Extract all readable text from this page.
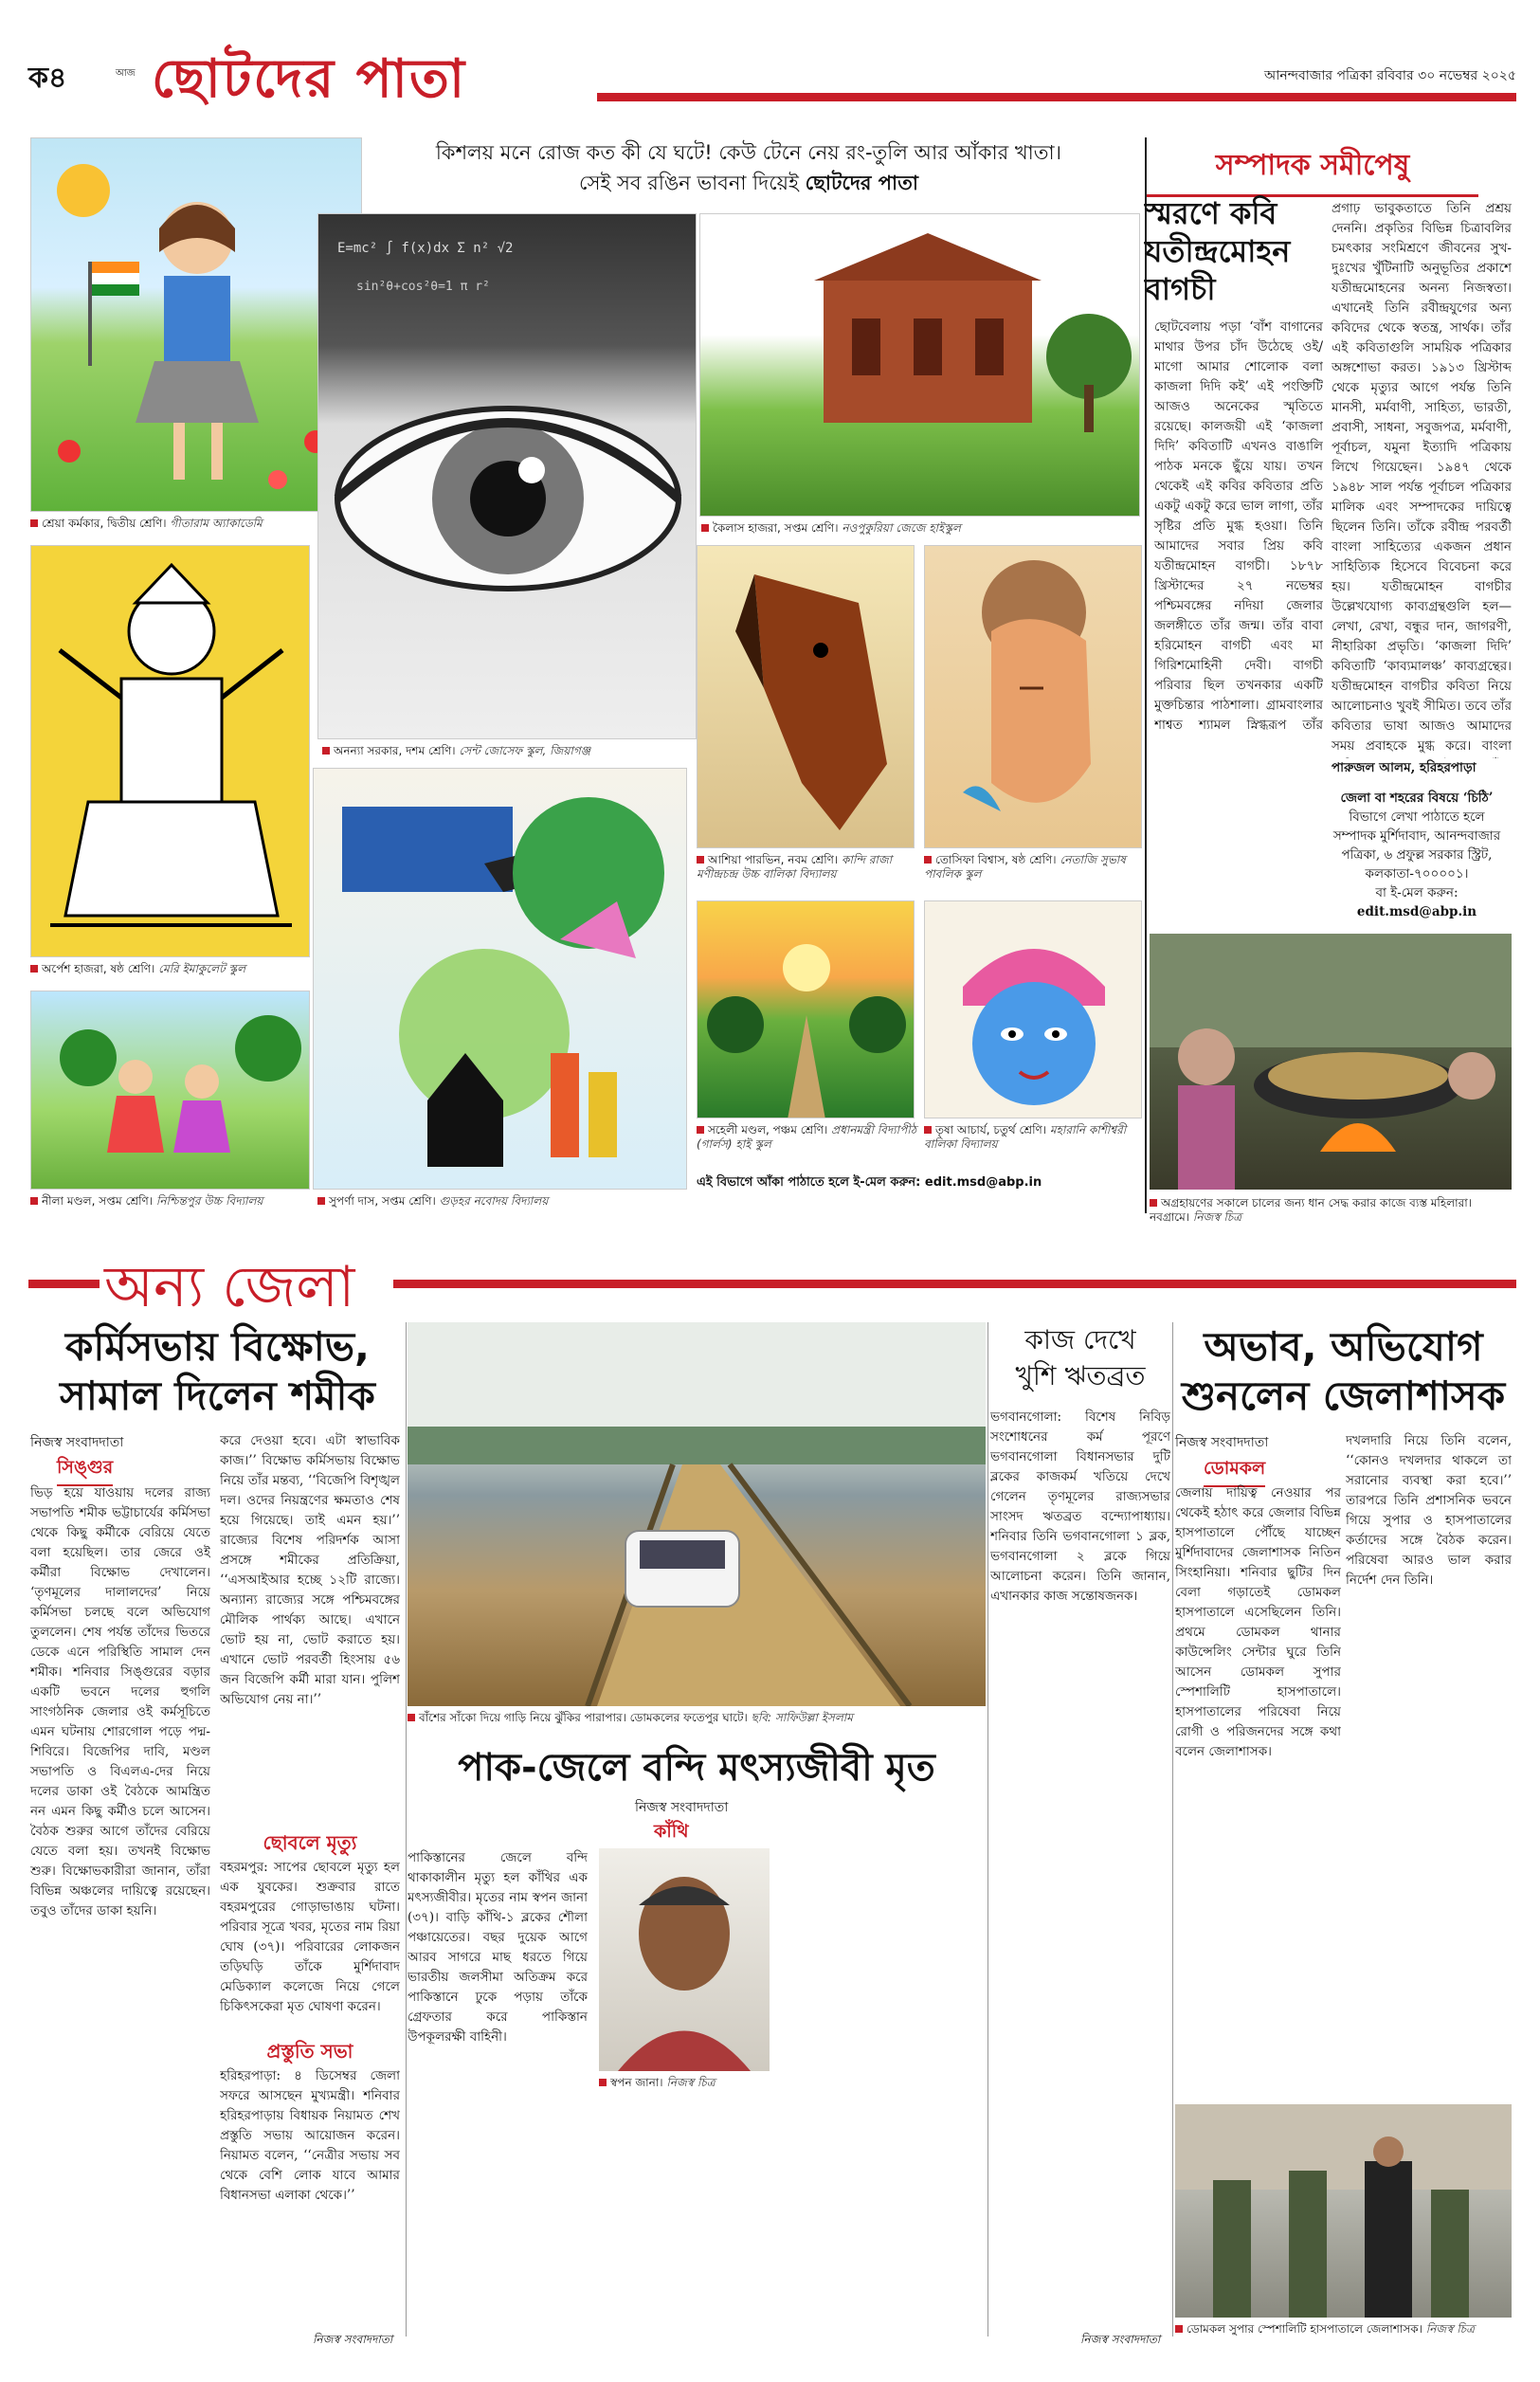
ক৪	আজ ছোটদের পাতা	আনন্দবাজার পত্রিকা রবিবার ৩০ নভেম্বর ২০২৫
কিশলয় মনে রোজ কত কী যে ঘটে! কেউ টেনে নেয় রং-তুলি আর আঁকার খাতা।
সেই সব রঙিন ভাবনা দিয়েই ছোটদের পাতা
শ্রেয়া কর্মকার, দ্বিতীয় শ্রেণি। গীতারাম অ্যাকাডেমি
E=mc² ∫ f(x)dx Σ n² √2
sin²θ+cos²θ=1 π r²
অনন্যা সরকার, দশম শ্রেণি। সেন্ট জোসেফ স্কুল, জিয়াগঞ্জ
কৈলাস হাজরা, সপ্তম শ্রেণি। নওপুকুরিয়া জেজে হাইস্কুল
অর্পেশ হাজরা, ষষ্ঠ শ্রেণি। মেরি ইমাকুলেট স্কুল
আশিয়া পারভিন, নবম শ্রেণি। কান্দি রাজা মণীন্দ্রচন্দ্র উচ্চ বালিকা বিদ্যালয়
তোসিফা বিশ্বাস, ষষ্ঠ শ্রেণি। নেতাজি সুভাষ পাবলিক স্কুল
নীলা মণ্ডল, সপ্তম শ্রেণি। নিশ্চিন্তপুর উচ্চ বিদ্যালয়	সুপর্ণা দাস, সপ্তম শ্রেণি। গুড়হর নবোদয় বিদ্যালয়
সহেলী মণ্ডল, পঞ্চম শ্রেণি। প্রধানমন্ত্রী বিদ্যাপীঠ (গার্লস) হাই স্কুল
তৃষা আচার্য, চতুর্থ শ্রেণি। মহারানি কাশীশ্বরী বালিকা বিদ্যালয়
এই বিভাগে আঁকা পাঠাতে হলে ই-মেল করুন: edit.msd@abp.in
সম্পাদক সমীপেষু
স্মরণে কবি যতীন্দ্রমোহন বাগচী
ছোটবেলায় পড়া ‘বাঁশ বাগানের মাথার উপর চাঁদ উঠেছে ওই/ মাগো আমার শোলোক বলা কাজলা দিদি কই’ এই পংক্তিটি আজও অনেকের স্মৃতিতে রয়েছে। কালজয়ী এই ‘কাজলা দিদি’ কবিতাটি এখনও বাঙালি পাঠক মনকে ছুঁয়ে যায়। তখন থেকেই এই কবির কবিতার প্রতি একটু একটু করে ভাল লাগা, তাঁর সৃষ্টির প্রতি মুগ্ধ হওয়া। তিনি আমাদের সবার প্রিয় কবি যতীন্দ্রমোহন বাগচী। ১৮৭৮ খ্রিস্টাব্দের ২৭ নভেম্বর পশ্চিমবঙ্গের নদিয়া জেলার জলঙ্গীতে তাঁর জন্ম। তাঁর বাবা হরিমোহন বাগচী এবং মা গিরিশমোহিনী দেবী। বাগচী পরিবার ছিল তখনকার একটি মুক্তচিন্তার পাঠশালা। গ্রামবাংলার শাশ্বত শ্যামল স্নিগ্ধরূপ তাঁর
প্রগাঢ় ভাবুকতাতে তিনি প্রশ্রয় দেননি। প্রকৃতির বিভিন্ন চিত্রাবলির চমৎকার সংমিশ্রণে জীবনের সুখ-দুঃখের খুঁটিনাটি অনুভূতির প্রকাশে যতীন্দ্রমোহনের অনন্য নিজস্বতা। এখানেই তিনি রবীন্দ্রযুগের অন্য কবিদের থেকে স্বতন্ত্র, সার্থক। তাঁর এই কবিতাগুলি সাময়িক পত্রিকার অঙ্গশোভা করত। ১৯১৩ খ্রিস্টাব্দ থেকে মৃত্যুর আগে পর্যন্ত তিনি মানসী, মর্মবাণী, সাহিত্য, ভারতী, প্রবাসী, সাধনা, সবুজপত্র, মর্মবাণী, পূর্বাচল, যমুনা ইত্যাদি পত্রিকায় লিখে গিয়েছেন। ১৯৪৭ থেকে ১৯৪৮ সাল পর্যন্ত পূর্বাচল পত্রিকার মালিক এবং সম্পাদকের দায়িত্বে ছিলেন তিনি। তাঁকে রবীন্দ্র পরবর্তী বাংলা সাহিত্যের একজন প্রধান সাহিত্যিক হিসেবে বিবেচনা করে হয়। যতীন্দ্রমোহন বাগচীর উল্লেখযোগ্য কাব্যগ্রন্থগুলি হল— লেখা, রেখা, বন্ধুর দান, জাগরণী, নীহারিকা প্রভৃতি। ‘কাজলা দিদি’ কবিতাটি ‘কাব্যমালঞ্চ’ কাব্যগ্রন্থের। যতীন্দ্রমোহন বাগচীর কবিতা নিয়ে আলোচনাও খুবই সীমিত। তবে তাঁর কবিতার ভাষা আজও আমাদের সময় প্রবাহকে মুগ্ধ করে। বাংলা
পারুজল আলম, হরিহরপাড়া
জেলা বা শহরের বিষয়ে ‘চিঠি’
বিভাগে লেখা পাঠাতে হলে
সম্পাদক মুর্শিদাবাদ, আনন্দবাজার
পত্রিকা, ৬ প্রফুল্ল সরকার স্ট্রিট,
কলকাতা-৭০০০০১।
বা ই-মেল করুন:
edit.msd@abp.in
অগ্রহায়ণের সকালে চালের জন্য ধান সেদ্ধ করার কাজে ব্যস্ত মহিলারা। নবগ্রামে। নিজস্ব চিত্র
অন্য জেলা
কর্মিসভায় বিক্ষোভ,
সামাল দিলেন শমীক
নিজস্ব সংবাদদাতা
সিঙ্গুর
ভিড় হয়ে যাওয়ায় দলের রাজ্য সভাপতি শমীক ভট্টাচার্যের কর্মিসভা থেকে কিছু কর্মীকে বেরিয়ে যেতে বলা হয়েছিল। তার জেরে ওই কর্মীরা বিক্ষোভ দেখালেন। ‘তৃণমূলের দালালদের’ নিয়ে কর্মিসভা চলছে বলে অভিযোগ তুললেন। শেষ পর্যন্ত তাঁদের ভিতরে ডেকে এনে পরিস্থিতি সামাল দেন শমীক। শনিবার সিঙ্গুরের বড়ার একটি ভবনে দলের হুগলি সাংগঠনিক জেলার ওই কর্মসূচিতে এমন ঘটনায় শোরগোল পড়ে পদ্ম-শিবিরে। বিজেপির দাবি, মণ্ডল সভাপতি ও বিএলএ-দের নিয়ে দলের ডাকা ওই বৈঠকে আমন্ত্রিত নন এমন কিছু কর্মীও চলে আসেন। বৈঠক শুরুর আগে তাঁদের বেরিয়ে যেতে বলা হয়। তখনই বিক্ষোভ শুরু। বিক্ষোভকারীরা জানান, তাঁরা বিভিন্ন অঞ্চলের দায়িত্বে রয়েছেন। তবুও তাঁদের ডাকা হয়নি।
করে দেওয়া হবে। এটা স্বাভাবিক কাজ।’’ বিক্ষোভ কর্মিসভায় বিক্ষোভ নিয়ে তাঁর মন্তব্য, ‘‘বিজেপি বিশৃঙ্খল দল। ওদের নিয়ন্ত্রণের ক্ষমতাও শেষ হয়ে গিয়েছে। তাই এমন হয়।’’ রাজ্যের বিশেষ পরিদর্শক আসা প্রসঙ্গে শমীকের প্রতিক্রিয়া, ‘‘এসআইআর হচ্ছে ১২টি রাজ্যে। অন্যান্য রাজ্যের সঙ্গে পশ্চিমবঙ্গের মৌলিক পার্থক্য আছে। এখানে ভোট হয় না, ভোট করাতে হয়। এখানে ভোট পরবর্তী হিংসায় ৫৬ জন বিজেপি কর্মী মারা যান। পুলিশ অভিযোগ নেয় না।’’
ছোবলে মৃত্যু
বহরমপুর: সাপের ছোবলে মৃত্যু হল এক যুবকের। শুক্রবার রাতে বহরমপুরের গোড়াভাঙায় ঘটনা। পরিবার সূত্রে খবর, মৃতের নাম রিয়া ঘোষ (৩৭)। পরিবারের লোকজন তড়িঘড়ি তাঁকে মুর্শিদাবাদ মেডিক্যাল কলেজে নিয়ে গেলে চিকিৎসকেরা মৃত ঘোষণা করেন।
প্রস্তুতি সভা
হরিহরপাড়া: ৪ ডিসেম্বর জেলা সফরে আসছেন মুখ্যমন্ত্রী। শনিবার হরিহরপাড়ায় বিধায়ক নিয়ামত শেখ প্রস্তুতি সভায় আয়োজন করেন। নিয়ামত বলেন, ‘‘নেত্রীর সভায় সব থেকে বেশি লোক যাবে আমার বিধানসভা এলাকা থেকে।’’
নিজস্ব সংবাদদাতা
বাঁশের সাঁকো দিয়ে গাড়ি নিয়ে ঝুঁকির পারাপার। ডোমকলের ফতেপুর ঘাটে। ছবি: সাফিউল্লা ইসলাম
পাক-জেলে বন্দি মৎস্যজীবী মৃত
নিজস্ব সংবাদদাতা
কাঁথি
পাকিস্তানের জেলে বন্দি থাকাকালীন মৃত্যু হল কাঁথির এক মৎস্যজীবীর। মৃতের নাম স্বপন জানা (৩৭)। বাড়ি কাঁথি-১ ব্লকের শৌলা পঞ্চায়েতের। বছর দুয়েক আগে আরব সাগরে মাছ ধরতে গিয়ে ভারতীয় জলসীমা অতিক্রম করে পাকিস্তানে ঢুকে পড়ায় তাঁকে গ্রেফতার করে পাকিস্তান উপকূলরক্ষী বাহিনী।
স্বপন জানা। নিজস্ব চিত্র
কাজ দেখে
খুশি ঋতব্রত
ভগবানগোলা: বিশেষ নিবিড় সংশোধনের কর্ম পূরণে ভগবানগোলা বিধানসভার দুটি ব্লকের কাজকর্ম খতিয়ে দেখে গেলেন তৃণমূলের রাজ্যসভার সাংসদ ঋতব্রত বন্দ্যোপাধ্যায়। শনিবার তিনি ভগবানগোলা ১ ব্লক, ভগবানগোলা ২ ব্লকে গিয়ে আলোচনা করেন। তিনি জানান, এখানকার কাজ সন্তোষজনক।
অভাব, অভিযোগ
শুনলেন জেলাশাসক
নিজস্ব সংবাদদাতা
ডোমকল
জেলায় দায়িত্ব নেওয়ার পর থেকেই হঠাৎ করে জেলার বিভিন্ন হাসপাতালে পৌঁছে যাচ্ছেন মুর্শিদাবাদের জেলাশাসক নিতিন সিংহানিয়া। শনিবার ছুটির দিন বেলা গড়াতেই ডোমকল হাসপাতালে এসেছিলেন তিনি। প্রথমে ডোমকল থানার কাউন্সেলিং সেন্টার ঘুরে তিনি আসেন ডোমকল সুপার স্পেশালিটি হাসপাতালে। হাসপাতালের পরিষেবা নিয়ে রোগী ও পরিজনদের সঙ্গে কথা বলেন জেলাশাসক।
দখলদারি নিয়ে তিনি বলেন, ‘‘কোনও দখলদার থাকলে তা সরানোর ব্যবস্থা করা হবে।’’ তারপরে তিনি প্রশাসনিক ভবনে গিয়ে সুপার ও হাসপাতালের কর্তাদের সঙ্গে বৈঠক করেন। পরিষেবা আরও ভাল করার নির্দেশ দেন তিনি।
ডোমকল সুপার স্পেশালিটি হাসপাতালে জেলাশাসক। নিজস্ব চিত্র
নিজস্ব সংবাদদাতা
